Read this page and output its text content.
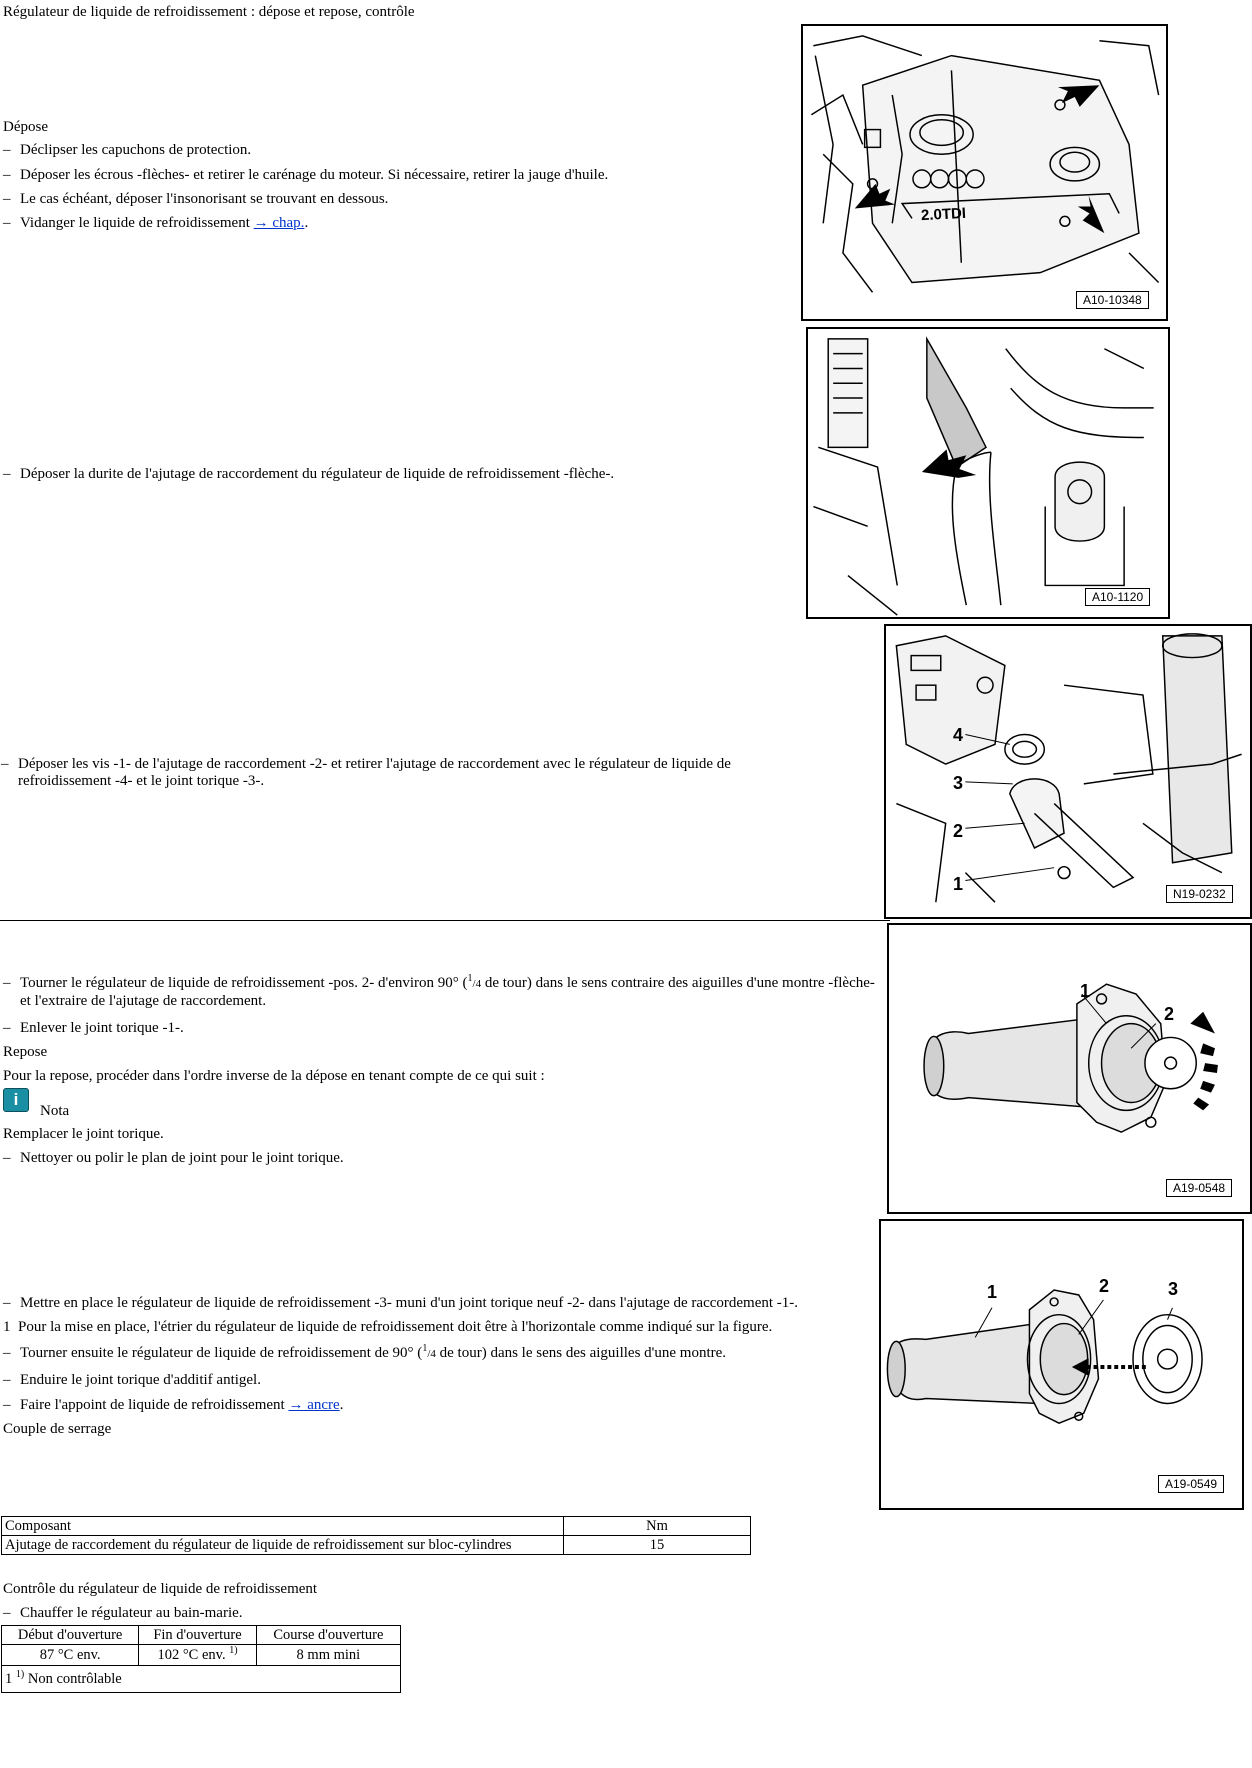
Régulateur de liquide de refroidissement : dépose et repose, contrôle
Dépose
– Déclipser les capuchons de protection.
– Déposer les écrous -flèches- et retirer le carénage du moteur. Si nécessaire, retirer la jauge d'huile.
– Le cas échéant, déposer l'insonorisant se trouvant en dessous.
– Vidanger le liquide de refroidissement → chap..
– Déposer la durite de l'ajutage de raccordement du régulateur de liquide de refroidissement -flèche-.
– Déposer les vis -1- de l'ajutage de raccordement -2- et retirer l'ajutage de raccordement avec le régulateur de liquide de refroidissement -4- et le joint torique -3-.
– Tourner le régulateur de liquide de refroidissement -pos. 2- d'environ 90° ($^1$/4 de tour) dans le sens contraire des aiguilles d'une montre -flèche- et l'extraire de l'ajutage de raccordement.
– Enlever le joint torique -1-.
Repose
Pour la repose, procéder dans l'ordre inverse de la dépose en tenant compte de ce qui suit :
i
Nota
Remplacer le joint torique.
– Nettoyer ou polir le plan de joint pour le joint torique.
– Mettre en place le régulateur de liquide de refroidissement -3- muni d'un joint torique neuf -2- dans l'ajutage de raccordement -1-.
1 Pour la mise en place, l'étrier du régulateur de liquide de refroidissement doit être à l'horizontale comme indiqué sur la figure.
– Tourner ensuite le régulateur de liquide de refroidissement de 90° ($^1$/4 de tour) dans le sens des aiguilles d'une montre.
– Enduire le joint torique d'additif antigel.
– Faire l'appoint de liquide de refroidissement → ancre.
Couple de serrage
Composant	Nm
Ajutage de raccordement du régulateur de liquide de refroidissement sur bloc-cylindres	15
Contrôle du régulateur de liquide de refroidissement
– Chauffer le régulateur au bain-marie.
Début d'ouverture	Fin d'ouverture	Course d'ouverture
87 °C env.	102 °C env. $^{1)}$	8 mm mini
1 $^{1)}$ Non contrôlable		
2.0TDI
A10-10348
A10-1120
4
3
2
1	N19-0232
1
2
A19-0548
1	2	3
A19-0549
